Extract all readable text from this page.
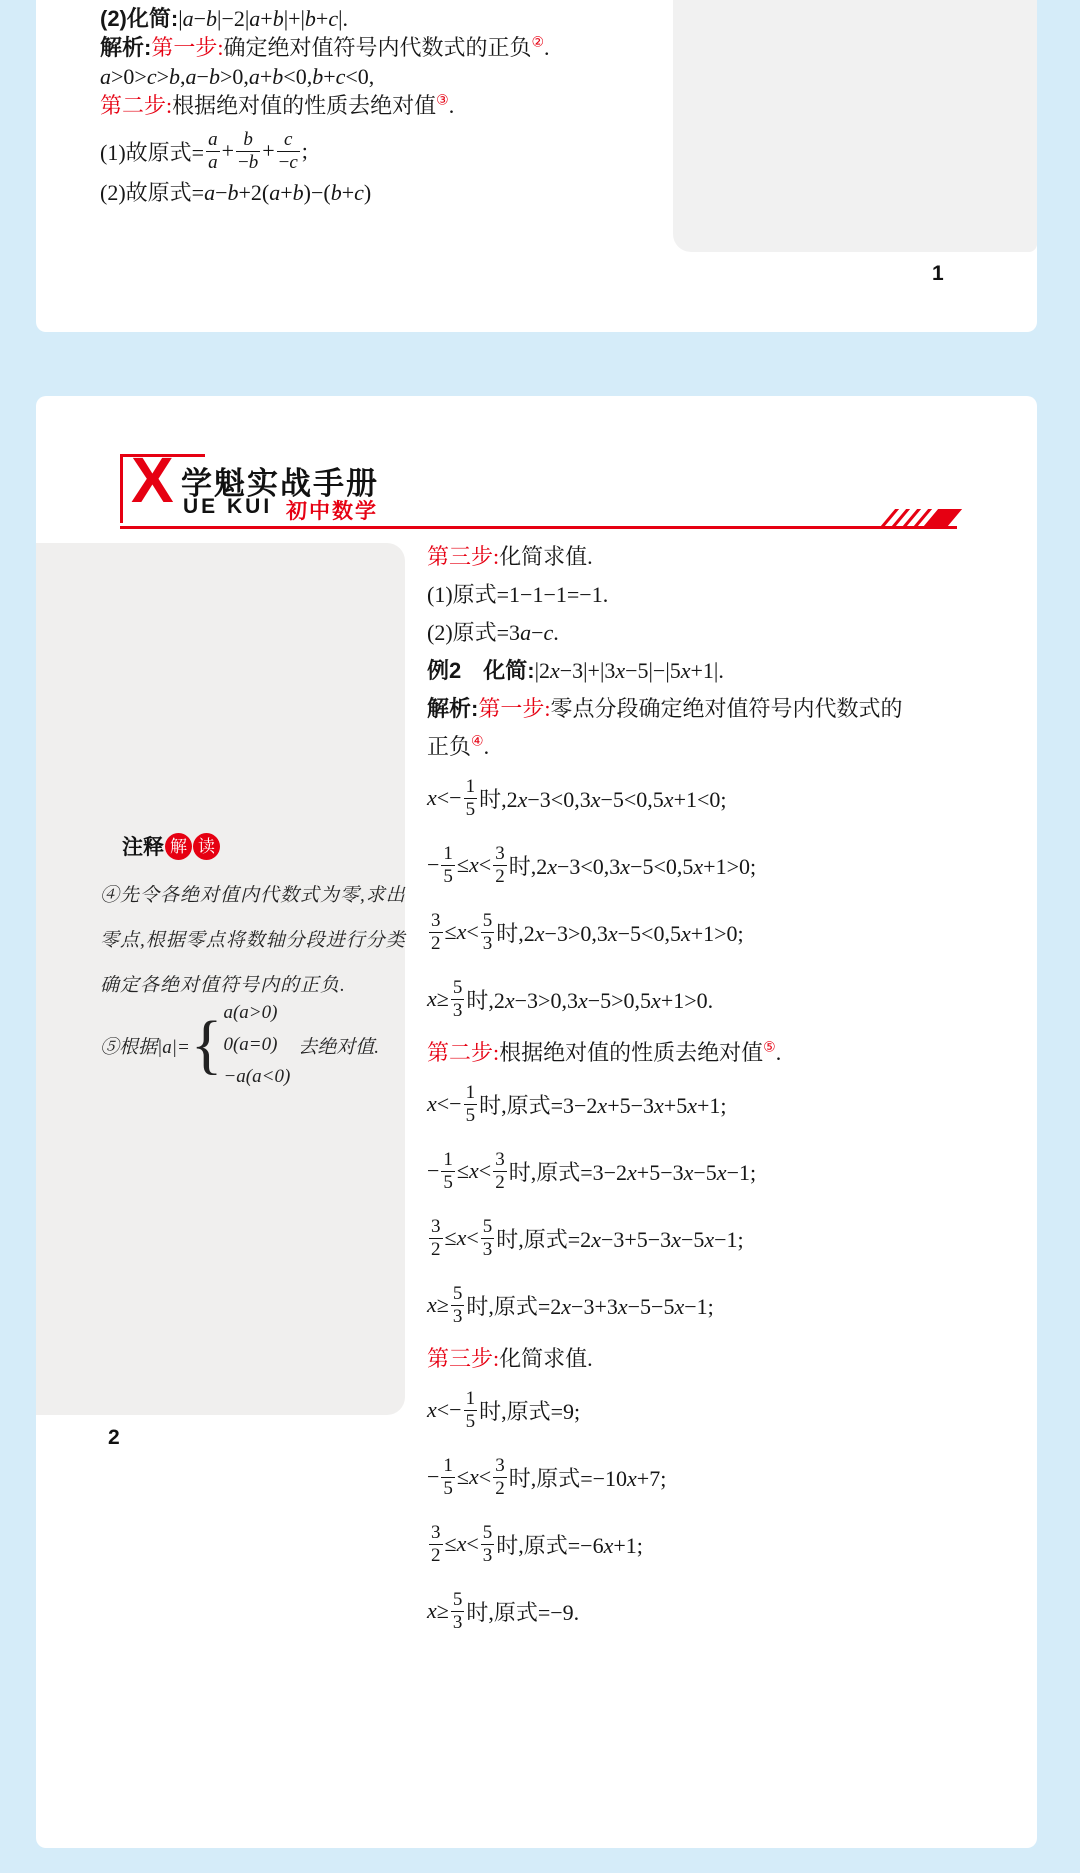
(2)化简:|a−b|−2|a+b|+|b+c|.
解析:第一步:确定绝对值符号内代数式的正负②.
a>0>c>b,a−b>0,a+b<0,b+c<0,
第二步:根据绝对值的性质去绝对值③.
(1)故原式= $\frac{a}{a} + \frac{b}{-b} + \frac{c}{-c}$ ;
(2)故原式=a−b+2(a+b)−(b+c)
1
X 学魁实战手册
UE KUI 初中数学
注释 解 读
④先令各绝对值内代数式为零,求出零点,根据零点将数轴分段进行分类确定各绝对值符号内的正负.
⑤根据|a|= { a(a>0)
0(a=0)
−a(a<0)
去绝对值.
第三步:化简求值.
(1)原式=1−1−1=−1.
(2)原式=3a−c.
例2　化简:|2x−3|+|3x−5|−|5x+1|.
解析:第一步:零点分段确定绝对值符号内代数式的
正负④.
$x<- \frac{1}{5}$ 时,2x−3<0,3x−5<0,5x+1<0;
− $\frac{1}{5} \le x< \frac{3}{2}$ 时,2x−3<0,3x−5<0,5x+1>0;
$\frac{3}{2} \le x< \frac{5}{3}$ 时,2x−3>0,3x−5<0,5x+1>0;
$x\ge \frac{5}{3}$ 时,2x−3>0,3x−5>0,5x+1>0.
第二步:根据绝对值的性质去绝对值⑤.
$x<- \frac{1}{5}$ 时,原式=3−2x+5−3x+5x+1;
− $\frac{1}{5} \le x< \frac{3}{2}$ 时,原式=3−2x+5−3x−5x−1;
$\frac{3}{2} \le x< \frac{5}{3}$ 时,原式=2x−3+5−3x−5x−1;
$x\ge \frac{5}{3}$ 时,原式=2x−3+3x−5−5x−1;
第三步:化简求值.
$x<- \frac{1}{5}$ 时,原式=9;
− $\frac{1}{5} \le x< \frac{3}{2}$ 时,原式=−10x+7;
$\frac{3}{2} \le x< \frac{5}{3}$ 时,原式=−6x+1;
$x\ge \frac{5}{3}$ 时,原式=−9.
2
